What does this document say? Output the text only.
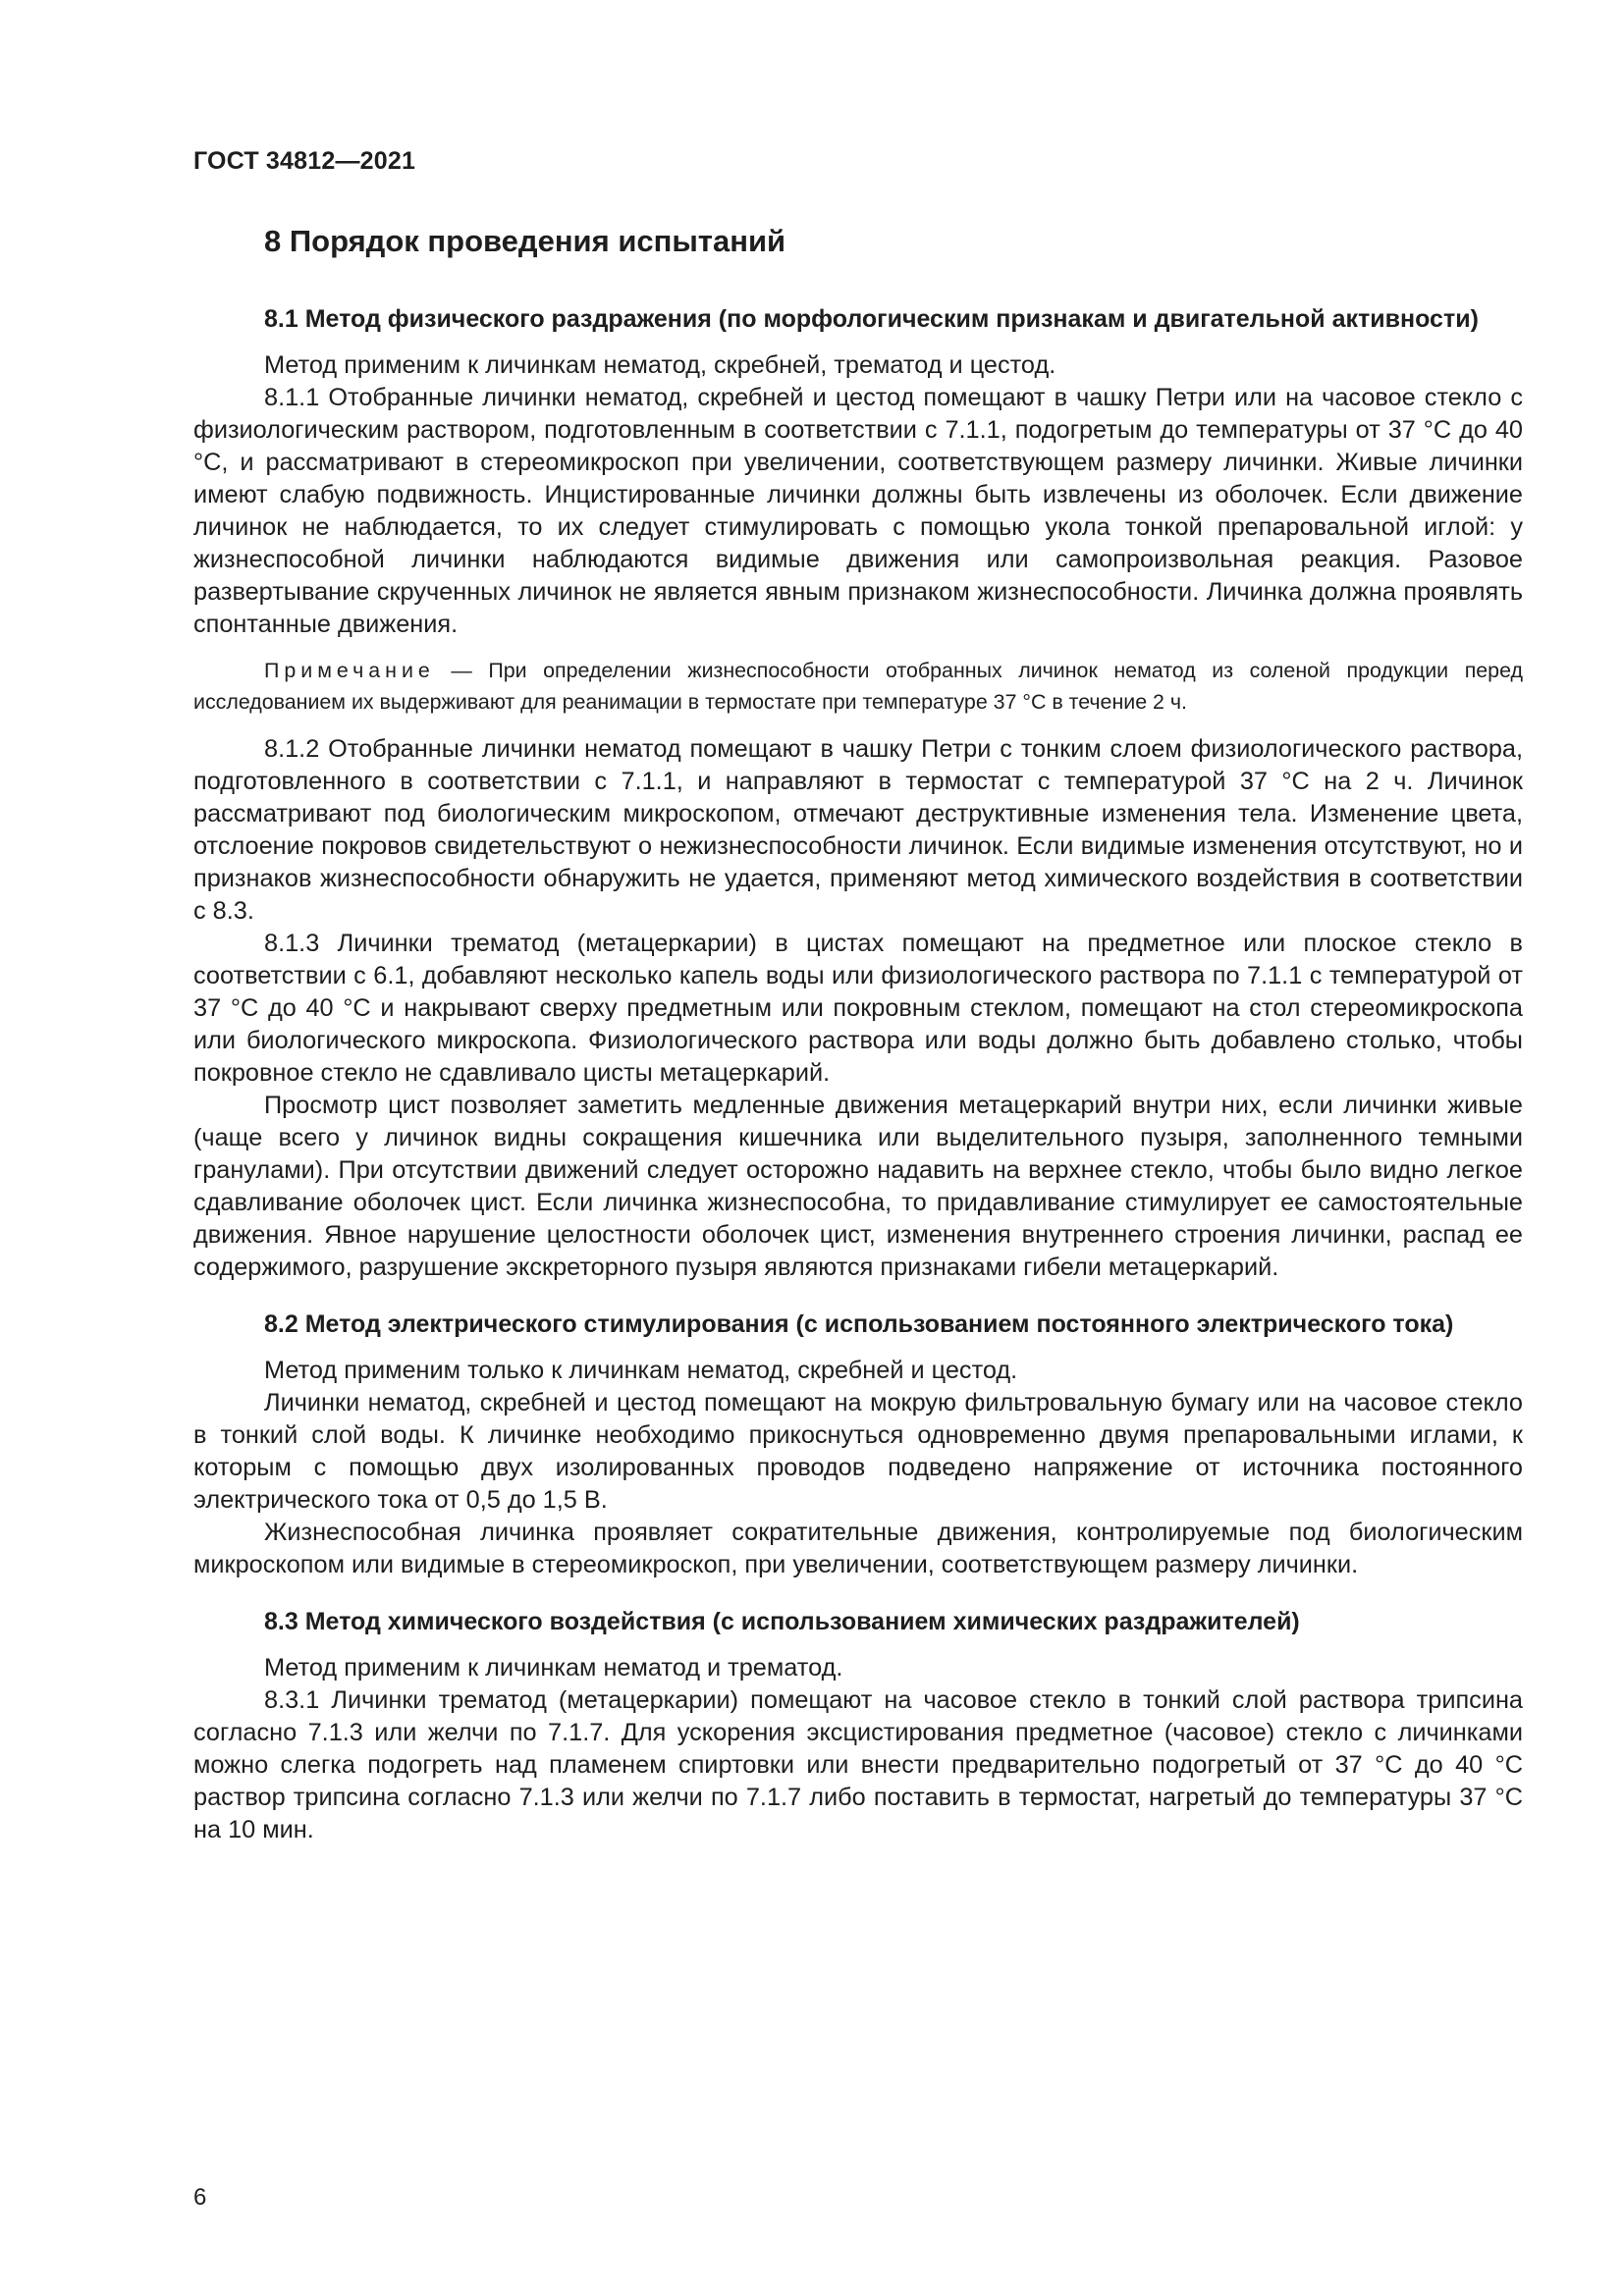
ГОСТ 34812—2021
8 Порядок проведения испытаний
8.1 Метод физического раздражения (по морфологическим признакам и двигательной активности)

Метод применим к личинкам нематод, скребней, трематод и цестод.

8.1.1 Отобранные личинки нематод, скребней и цестод помещают в чашку Петри или на часовое стекло с физиологическим раствором, подготовленным в соответствии с 7.1.1, подогретым до температуры от 37 °С до 40 °С, и рассматривают в стереомикроскоп при увеличении, соответствующем размеру личинки. Живые личинки имеют слабую подвижность. Инцистированные личинки должны быть извлечены из оболочек. Если движение личинок не наблюдается, то их следует стимулировать с помощью укола тонкой препаровальной иглой: у жизнеспособной личинки наблюдаются видимые движения или самопроизвольная реакция. Разовое развертывание скрученных личинок не является явным признаком жизнеспособности. Личинка должна проявлять спонтанные движения.

Примечание — При определении жизнеспособности отобранных личинок нематод из соленой продукции перед исследованием их выдерживают для реанимации в термостате при температуре 37 °С в течение 2 ч.

8.1.2 Отобранные личинки нематод помещают в чашку Петри с тонким слоем физиологического раствора, подготовленного в соответствии с 7.1.1, и направляют в термостат с температурой 37 °С на 2 ч. Личинок рассматривают под биологическим микроскопом, отмечают деструктивные изменения тела. Изменение цвета, отслоение покровов свидетельствуют о нежизнеспособности личинок. Если видимые изменения отсутствуют, но и признаков жизнеспособности обнаружить не удается, применяют метод химического воздействия в соответствии с 8.3.

8.1.3 Личинки трематод (метацеркарии) в цистах помещают на предметное или плоское стекло в соответствии с 6.1, добавляют несколько капель воды или физиологического раствора по 7.1.1 с температурой от 37 °С до 40 °С и накрывают сверху предметным или покровным стеклом, помещают на стол стереомикроскопа или биологического микроскопа. Физиологического раствора или воды должно быть добавлено столько, чтобы покровное стекло не сдавливало цисты метацеркарий.

Просмотр цист позволяет заметить медленные движения метацеркарий внутри них, если личинки живые (чаще всего у личинок видны сокращения кишечника или выделительного пузыря, заполненного темными гранулами). При отсутствии движений следует осторожно надавить на верхнее стекло, чтобы было видно легкое сдавливание оболочек цист. Если личинка жизнеспособна, то придавливание стимулирует ее самостоятельные движения. Явное нарушение целостности оболочек цист, изменения внутреннего строения личинки, распад ее содержимого, разрушение экскреторного пузыря являются признаками гибели метацеркарий.

8.2 Метод электрического стимулирования (с использованием постоянного электрического тока)

Метод применим только к личинкам нематод, скребней и цестод.

Личинки нематод, скребней и цестод помещают на мокрую фильтровальную бумагу или на часовое стекло в тонкий слой воды. К личинке необходимо прикоснуться одновременно двумя препаровальными иглами, к которым с помощью двух изолированных проводов подведено напряжение от источника постоянного электрического тока от 0,5 до 1,5 В.

Жизнеспособная личинка проявляет сократительные движения, контролируемые под биологическим микроскопом или видимые в стереомикроскоп, при увеличении, соответствующем размеру личинки.

8.3 Метод химического воздействия (с использованием химических раздражителей)

Метод применим к личинкам нематод и трематод.

8.3.1 Личинки трематод (метацеркарии) помещают на часовое стекло в тонкий слой раствора трипсина согласно 7.1.3 или желчи по 7.1.7. Для ускорения эксцистирования предметное (часовое) стекло с личинками можно слегка подогреть над пламенем спиртовки или внести предварительно подогретый от 37 °С до 40 °С раствор трипсина согласно 7.1.3 или желчи по 7.1.7 либо поставить в термостат, нагретый до температуры 37 °С на 10 мин.

6
